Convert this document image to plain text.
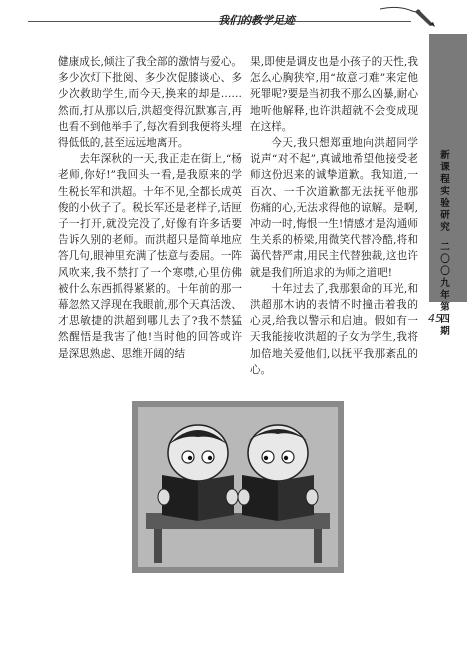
我们的教学足迹
新课程实验研究
二〇〇九年第四期
45

健康成长,倾注了我全部的激情与爱心。多少次灯下批阅、多少次促膝谈心、多少次救助学生,而今天,换来的却是……然而,打从那以后,洪超变得沉默寡言,再也看不到他举手了,每次看到我便将头埋得低低的,甚至远远地离开。

去年深秋的一天,我正走在街上,“杨老师,你好!”我回头一看,是我原来的学生税长军和洪超。十年不见,全都长成英俊的小伙子了。税长军还是老样子,话匣子一打开,就没完没了,好像有许多话要告诉久别的老师。而洪超只是简单地应答几句,眼神里充满了怯意与委屈。一阵风吹来,我不禁打了一个寒噤,心里仿佛被什么东西抓得紧紧的。十年前的那一幕忽然又浮现在我眼前,那个天真活泼、才思敏捷的洪超到哪儿去了?我不禁猛然醒悟是我害了他!当时他的回答或许是深思熟虑、思维开阔的结

果,即使是调皮也是小孩子的天性,我怎么心胸狭窄,用“故意刁难”来定他死罪呢?要是当初我不那么凶暴,耐心地听他解释,也许洪超就不会变成现在这样。

今天,我只想郑重地向洪超同学说声“对不起”,真诚地希望他接受老师这份迟来的诚挚道歉。我知道,一百次、一千次道歉都无法抚平他那伤痛的心,无法求得他的谅解。是啊,冲动一时,悔恨一生!情感才是沟通师生关系的桥梁,用微笑代替冷酷,将和蔼代替严肃,用民主代替独裁,这也许就是我们所追求的为师之道吧!

十年过去了,我那狠命的耳光,和洪超那木讷的表情不时撞击着我的心灵,给我以警示和启迪。假如有一天我能接收洪超的子女为学生,我将加倍地关爱他们,以抚平我那紊乱的心。
